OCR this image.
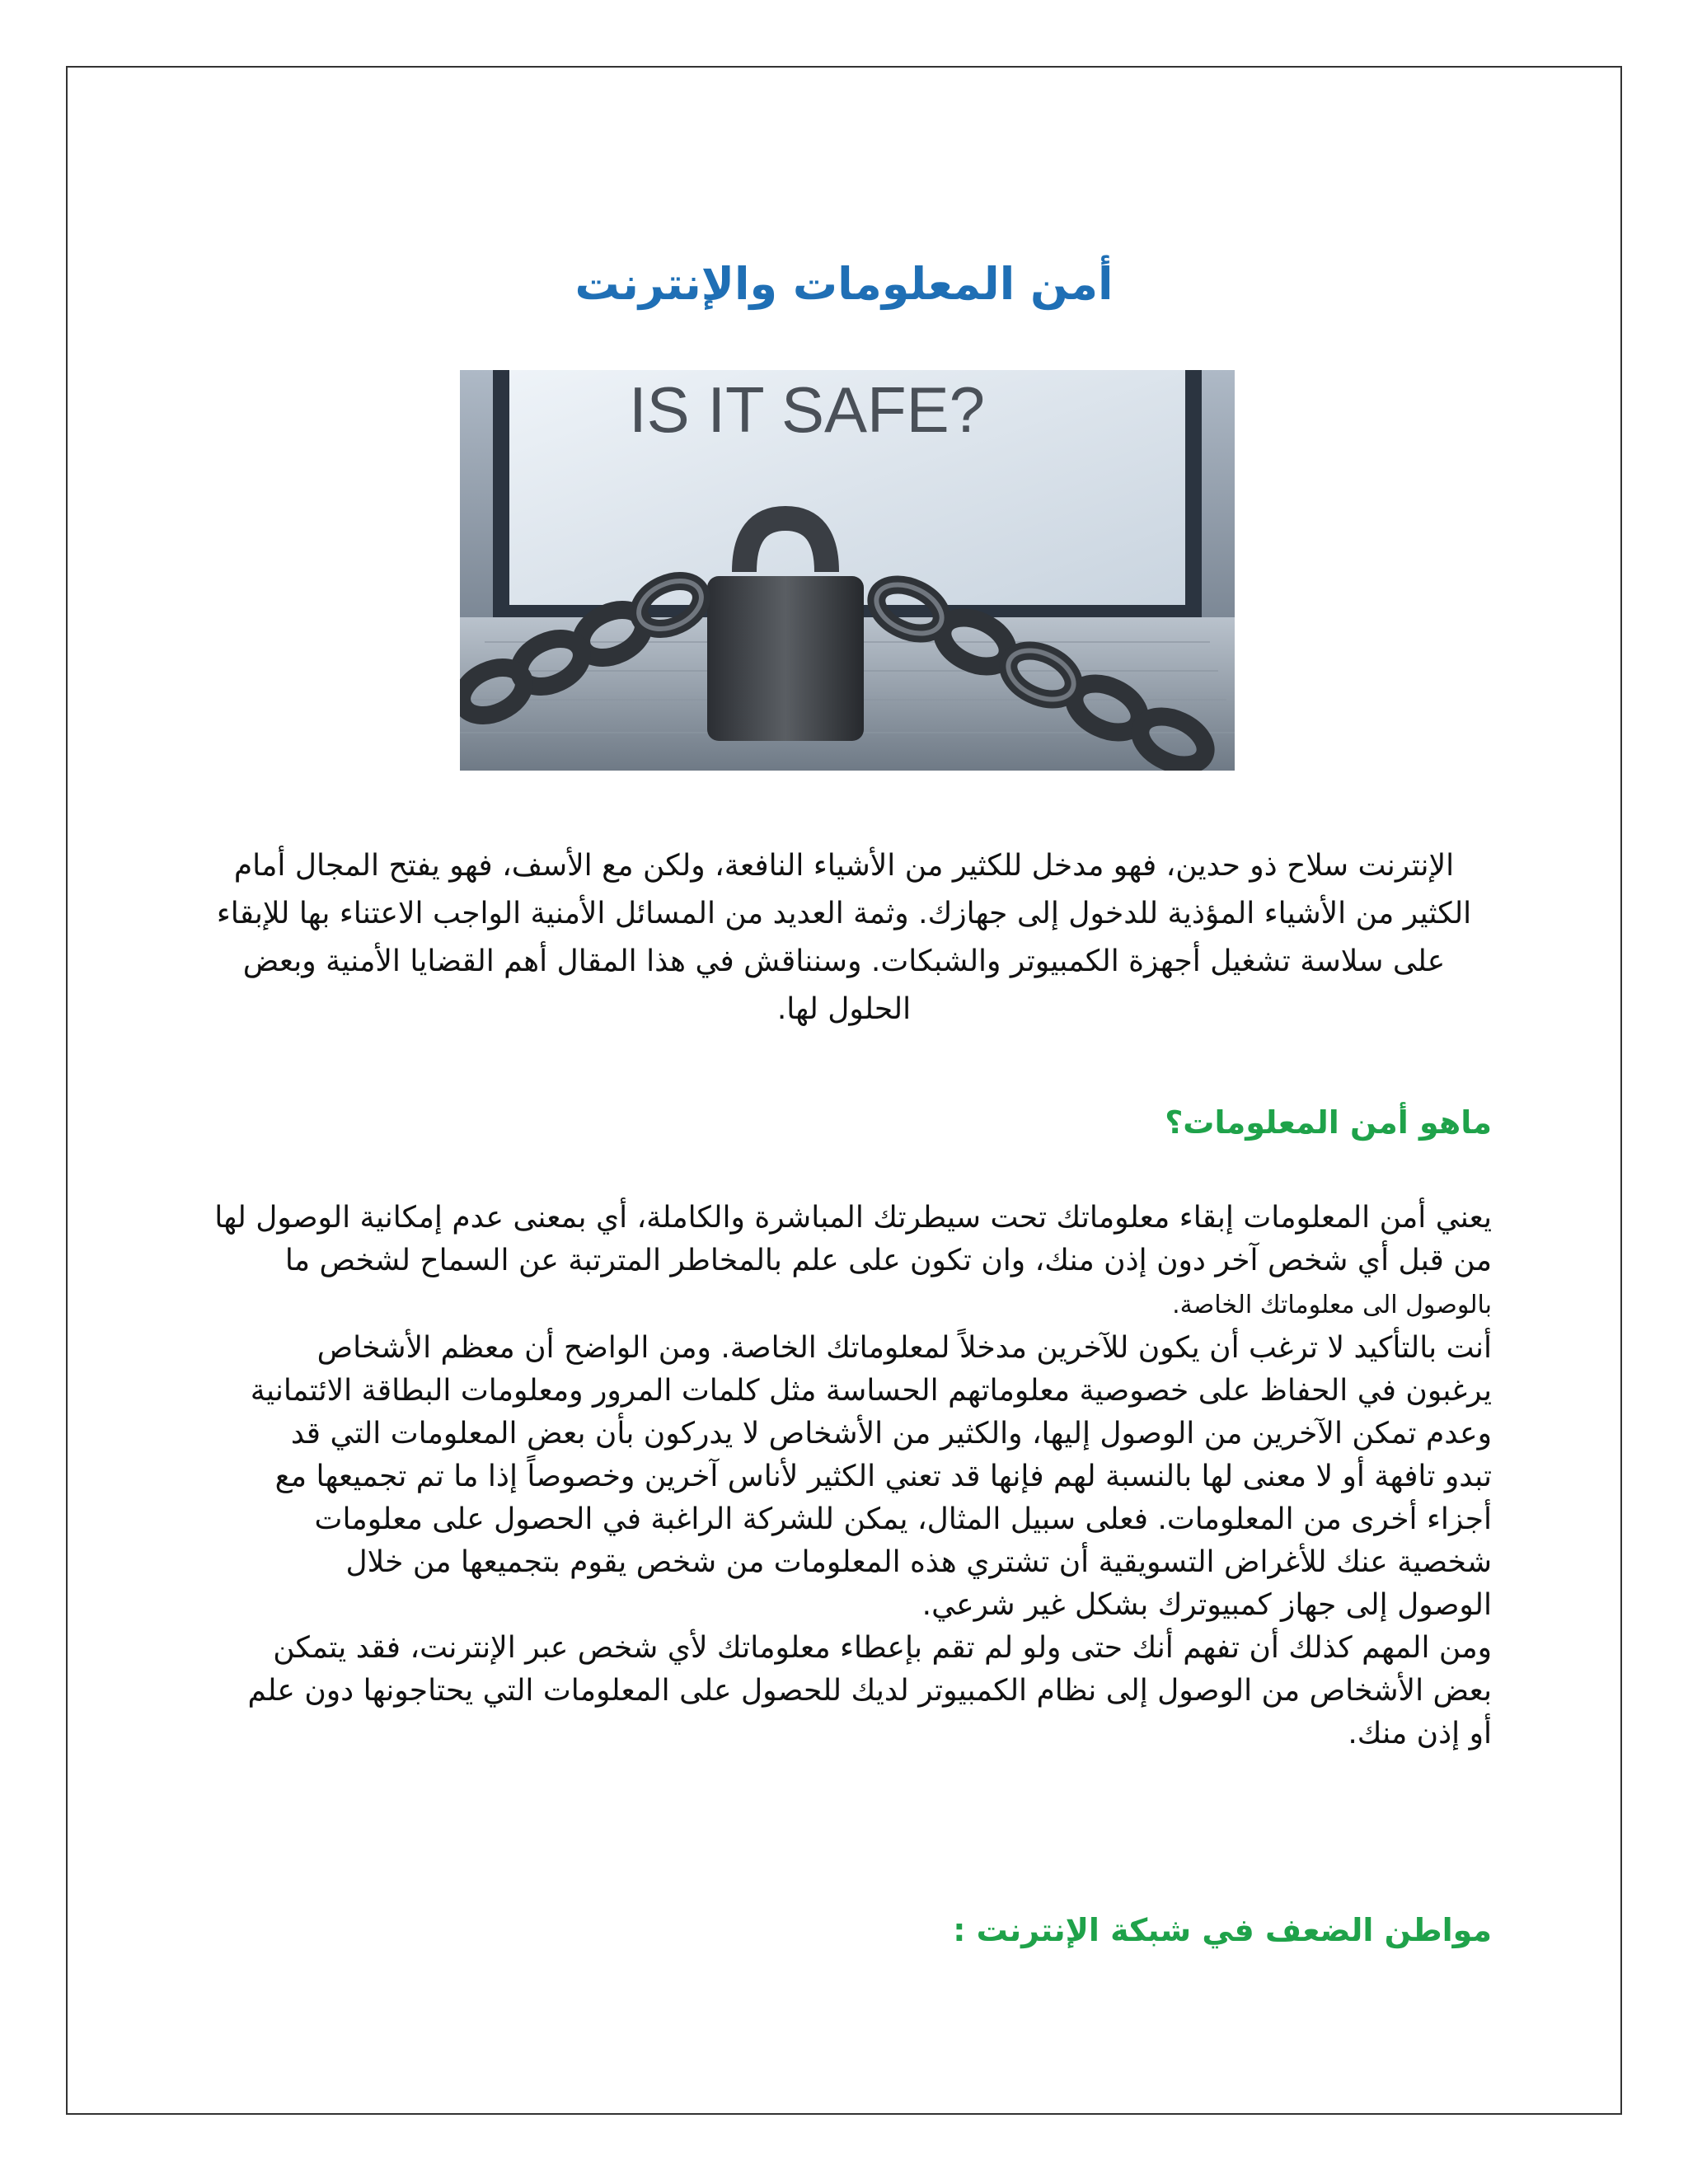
أمن المعلومات والإنترنت
IS IT SAFE?

الإنترنت سلاح ذو حدين، فهو مدخل للكثير من الأشياء النافعة، ولكن مع الأسف، فهو يفتح المجال أمام
الكثير من الأشياء المؤذية للدخول إلى جهازك. وثمة العديد من المسائل الأمنية الواجب الاعتناء بها للإبقاء
على سلاسة تشغيل أجهزة الكمبيوتر والشبكات. وسنناقش في هذا المقال أهم القضايا الأمنية وبعض
الحلول لها.

ماهو أمن المعلومات؟

يعني أمن المعلومات إبقاء معلوماتك تحت سيطرتك المباشرة والكاملة، أي بمعنى عدم إمكانية الوصول لها
من قبل أي شخص آخر دون إذن منك، وان تكون على علم بالمخاطر المترتبة عن السماح لشخص ما
بالوصول الى معلوماتك الخاصة.
أنت بالتأكيد لا ترغب أن يكون للآخرين مدخلاً لمعلوماتك الخاصة. ومن الواضح أن معظم الأشخاص
يرغبون في الحفاظ على خصوصية معلوماتهم الحساسة مثل كلمات المرور ومعلومات البطاقة الائتمانية
وعدم تمكن الآخرين من الوصول إليها، والكثير من الأشخاص لا يدركون بأن بعض المعلومات التي قد
تبدو تافهة أو لا معنى لها بالنسبة لهم فإنها قد تعني الكثير لأناس آخرين وخصوصاً إذا ما تم تجميعها مع
أجزاء أخرى من المعلومات. فعلى سبيل المثال، يمكن للشركة الراغبة في الحصول على معلومات
شخصية عنك للأغراض التسويقية أن تشتري هذه المعلومات من شخص يقوم بتجميعها من خلال
الوصول إلى جهاز كمبيوترك بشكل غير شرعي.
ومن المهم كذلك أن تفهم أنك حتى ولو لم تقم بإعطاء معلوماتك لأي شخص عبر الإنترنت، فقد يتمكن
بعض الأشخاص من الوصول إلى نظام الكمبيوتر لديك للحصول على المعلومات التي يحتاجونها دون علم
أو إذن منك.

مواطن الضعف في شبكة الإنترنت :
